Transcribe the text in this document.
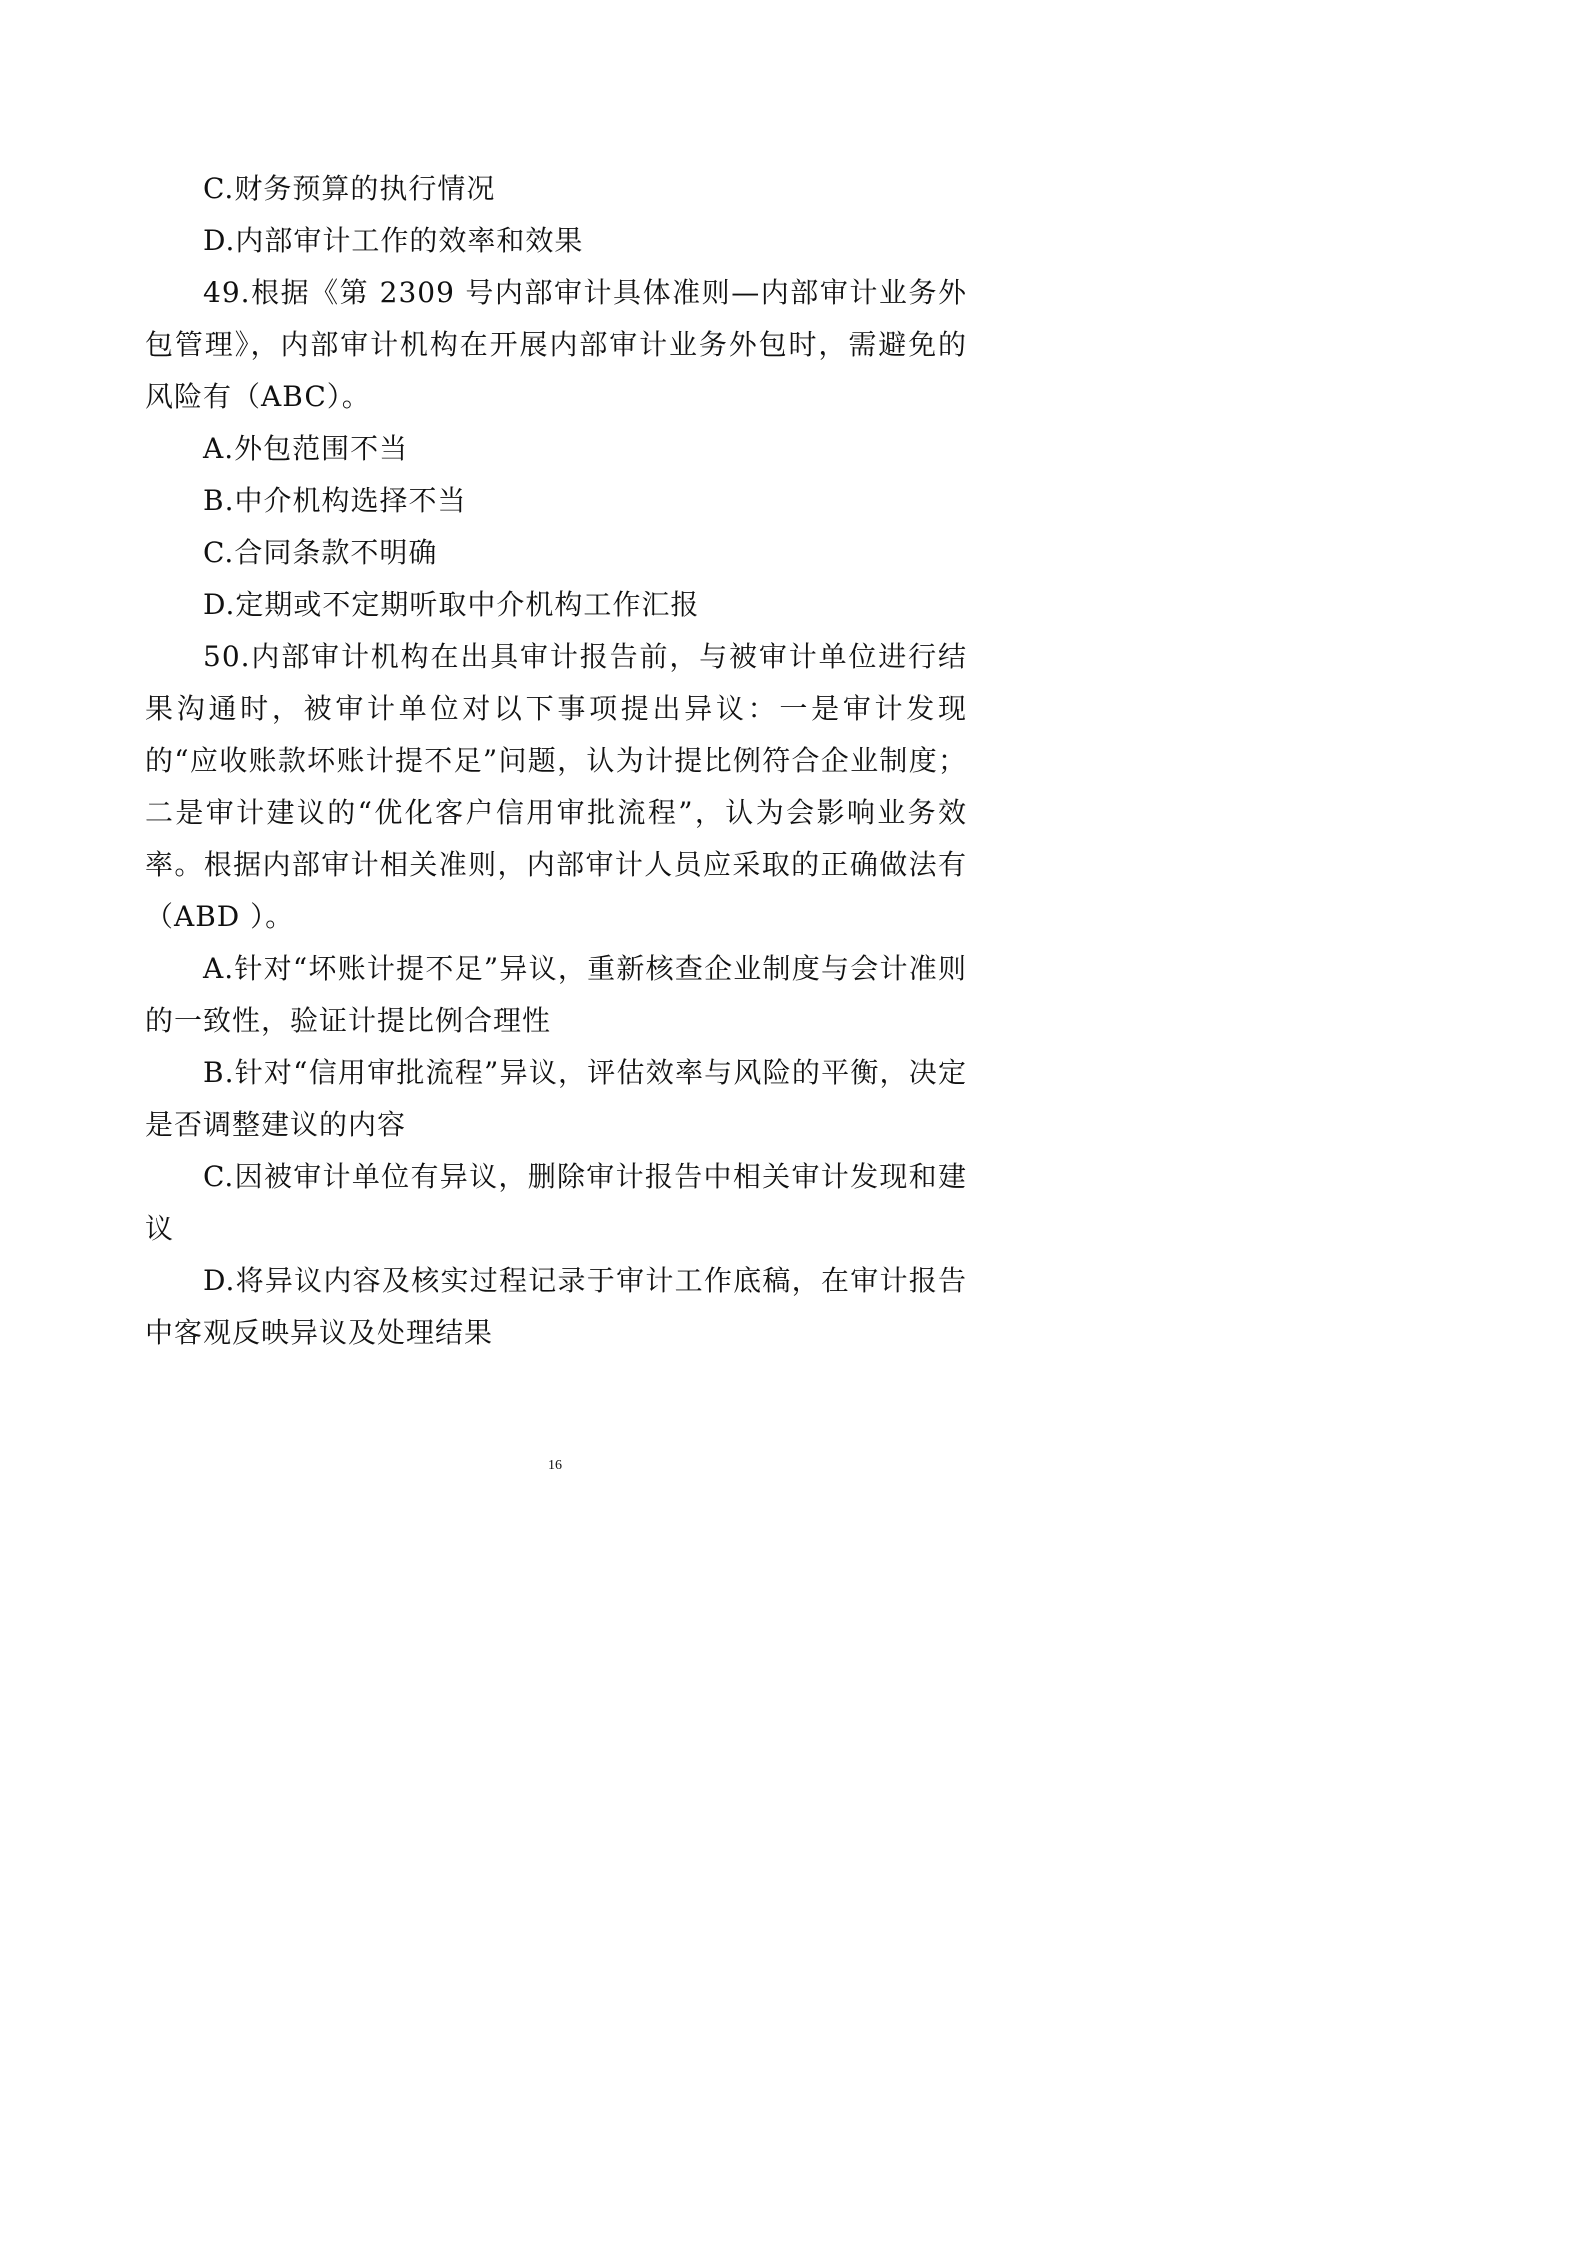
C.财务预算的执行情况

D.内部审计工作的效率和效果

49.根据《第 2309 号内部审计具体准则—内部审计业务外包管理》，内部审计机构在开展内部审计业务外包时，需避免的风险有（ABC）。

A.外包范围不当

B.中介机构选择不当

C.合同条款不明确

D.定期或不定期听取中介机构工作汇报

50.内部审计机构在出具审计报告前，与被审计单位进行结果沟通时，被审计单位对以下事项提出异议：一是审计发现的“应收账款坏账计提不足”问题，认为计提比例符合企业制度；二是审计建议的“优化客户信用审批流程”，认为会影响业务效率。根据内部审计相关准则，内部审计人员应采取的正确做法有（ABD ）。

A.针对“坏账计提不足”异议，重新核查企业制度与会计准则的一致性，验证计提比例合理性

B.针对“信用审批流程”异议，评估效率与风险的平衡，决定是否调整建议的内容

C.因被审计单位有异议，删除审计报告中相关审计发现和建议

D.将异议内容及核实过程记录于审计工作底稿，在审计报告中客观反映异议及处理结果

16
